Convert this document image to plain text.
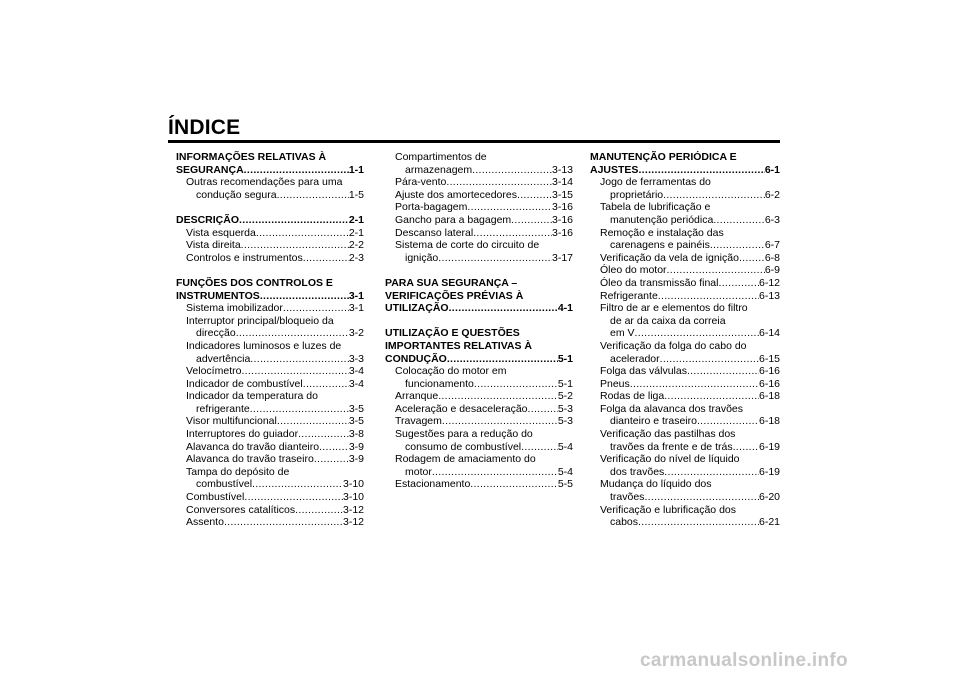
ÍNDICE
INFORMAÇÕES RELATIVAS À
SEGURANÇA .....	1-1
Outras recomendações para uma
condução segura .....	1-5
DESCRIÇÃO .....	2-1
Vista esquerda .....	2-1
Vista direita .....	2-2
Controlos e instrumentos .....	2-3
FUNÇÕES DOS CONTROLOS E
INSTRUMENTOS .....	3-1
Sistema imobilizador .....	3-1
Interruptor principal/bloqueio da
direcção .....	3-2
Indicadores luminosos e luzes de
advertência .....	3-3
Velocímetro .....	3-4
Indicador de combustível .....	3-4
Indicador da temperatura do
refrigerante .....	3-5
Visor multifuncional .....	3-5
Interruptores do guiador .....	3-8
Alavanca do travão dianteiro .....	3-9
Alavanca do travão traseiro .....	3-9
Tampa do depósito de
combustível .....	3-10
Combustível .....	3-10
Conversores catalíticos .....	3-12
Assento .....	3-12
Compartimentos de
armazenagem .....	3-13
Pára-vento .....	3-14
Ajuste dos amortecedores .....	3-15
Porta-bagagem .....	3-16
Gancho para a bagagem .....	3-16
Descanso lateral .....	3-16
Sistema de corte do circuito de
ignição .....	3-17
PARA SUA SEGURANÇA –
VERIFICAÇÕES PRÉVIAS À
UTILIZAÇÃO .....	4-1
UTILIZAÇÃO E QUESTÕES
IMPORTANTES RELATIVAS À
CONDUÇÃO .....	5-1
Colocação do motor em
funcionamento .....	5-1
Arranque .....	5-2
Aceleração e desaceleração .....	5-3
Travagem .....	5-3
Sugestões para a redução do
consumo de combustível .....	5-4
Rodagem de amaciamento do
motor .....	5-4
Estacionamento .....	5-5
MANUTENÇÃO PERIÓDICA E
AJUSTES .....	6-1
Jogo de ferramentas do
proprietário .....	6-2
Tabela de lubrificação e
manutenção periódica .....	6-3
Remoção e instalação das
carenagens e painéis .....	6-7
Verificação da vela de ignição ..... 6-8
Óleo do motor .....	6-9
Óleo da transmissão final .....	6-12
Refrigerante .....	6-13
Filtro de ar e elementos do filtro
de ar da caixa da correia
em V .....	6-14
Verificação da folga do cabo do
acelerador .....	6-15
Folga das válvulas .....	6-16
Pneus .....	6-16
Rodas de liga .....	6-18
Folga da alavanca dos travões
dianteiro e traseiro .....	6-18
Verificação das pastilhas dos
travões da frente e de trás .....	6-19
Verificação do nível de líquido
dos travões .....	6-19
Mudança do líquido dos
travões .....	6-20
Verificação e lubrificação dos
cabos .....	6-21
carmanualsonline.info
